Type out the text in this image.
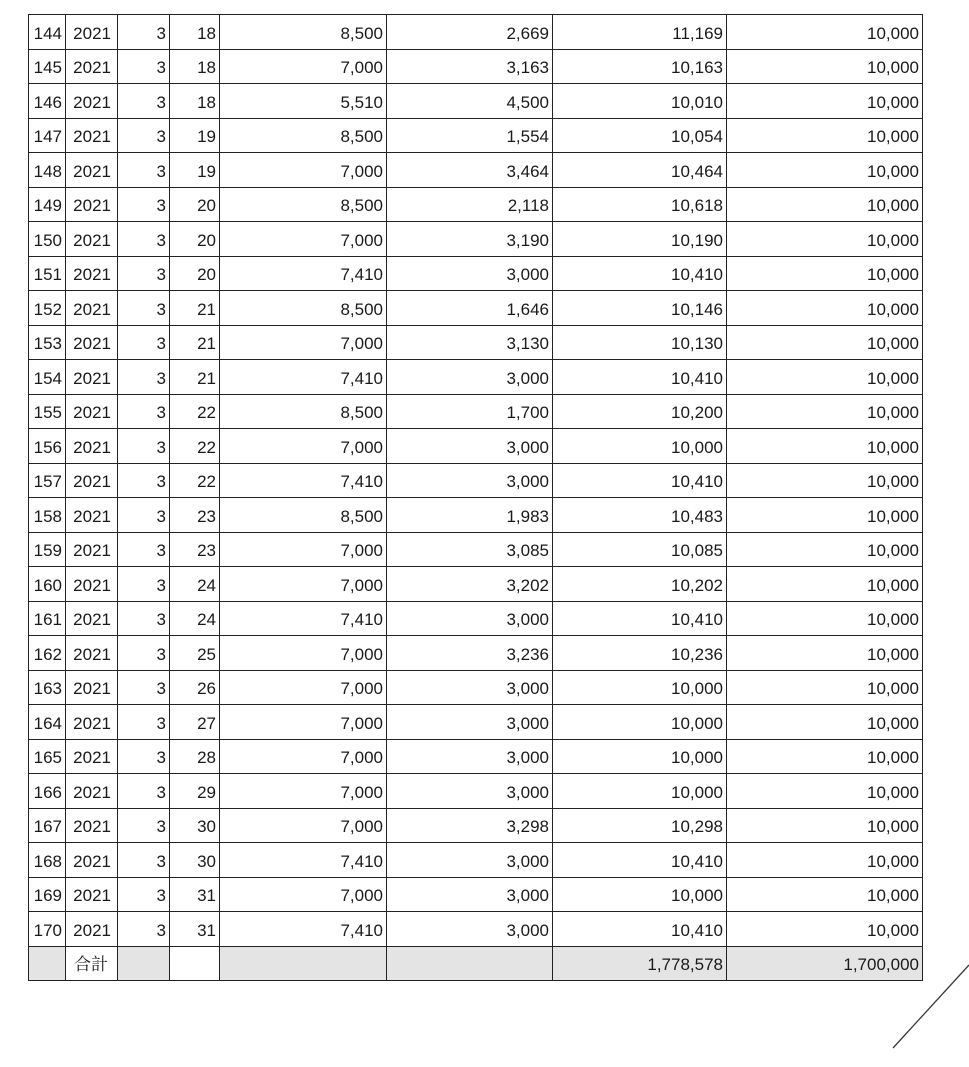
144	2021	3	18	8,500	2,669	11,169	10,000
145	2021	3	18	7,000	3,163	10,163	10,000
146	2021	3	18	5,510	4,500	10,010	10,000
147	2021	3	19	8,500	1,554	10,054	10,000
148	2021	3	19	7,000	3,464	10,464	10,000
149	2021	3	20	8,500	2,118	10,618	10,000
150	2021	3	20	7,000	3,190	10,190	10,000
151	2021	3	20	7,410	3,000	10,410	10,000
152	2021	3	21	8,500	1,646	10,146	10,000
153	2021	3	21	7,000	3,130	10,130	10,000
154	2021	3	21	7,410	3,000	10,410	10,000
155	2021	3	22	8,500	1,700	10,200	10,000
156	2021	3	22	7,000	3,000	10,000	10,000
157	2021	3	22	7,410	3,000	10,410	10,000
158	2021	3	23	8,500	1,983	10,483	10,000
159	2021	3	23	7,000	3,085	10,085	10,000
160	2021	3	24	7,000	3,202	10,202	10,000
161	2021	3	24	7,410	3,000	10,410	10,000
162	2021	3	25	7,000	3,236	10,236	10,000
163	2021	3	26	7,000	3,000	10,000	10,000
164	2021	3	27	7,000	3,000	10,000	10,000
165	2021	3	28	7,000	3,000	10,000	10,000
166	2021	3	29	7,000	3,000	10,000	10,000
167	2021	3	30	7,000	3,298	10,298	10,000
168	2021	3	30	7,410	3,000	10,410	10,000
169	2021	3	31	7,000	3,000	10,000	10,000
170	2021	3	31	7,410	3,000	10,410	10,000
	合計					1,778,578	1,700,000
